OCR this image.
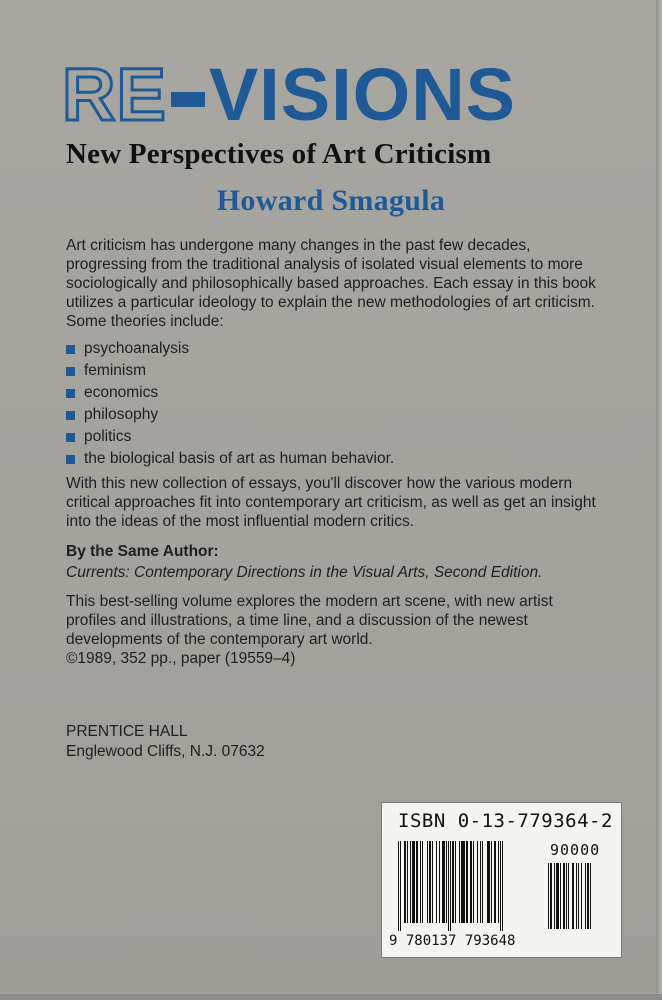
RE VISIONS
New Perspectives of Art Criticism
Howard Smagula
Art criticism has undergone many changes in the past few decades, progressing from the traditional analysis of isolated visual elements to more sociologically and philosophically based approaches. Each essay in this book utilizes a particular ideology to explain the new methodologies of art criticism. Some theories include:
psychoanalysis
feminism
economics
philosophy
politics
the biological basis of art as human behavior.
With this new collection of essays, you'll discover how the various modern critical approaches fit into contemporary art criticism, as well as get an insight into the ideas of the most influential modern critics.
By the Same Author:
Currents: Contemporary Directions in the Visual Arts, Second Edition.
This best-selling volume explores the modern art scene, with new artist profiles and illustrations, a time line, and a discussion of the newest developments of the contemporary art world.
©1989, 352 pp., paper (19559–4)
PRENTICE HALL
Englewood Cliffs, N.J. 07632
ISBN 0-13-779364-2
90000
9 780137 793648
